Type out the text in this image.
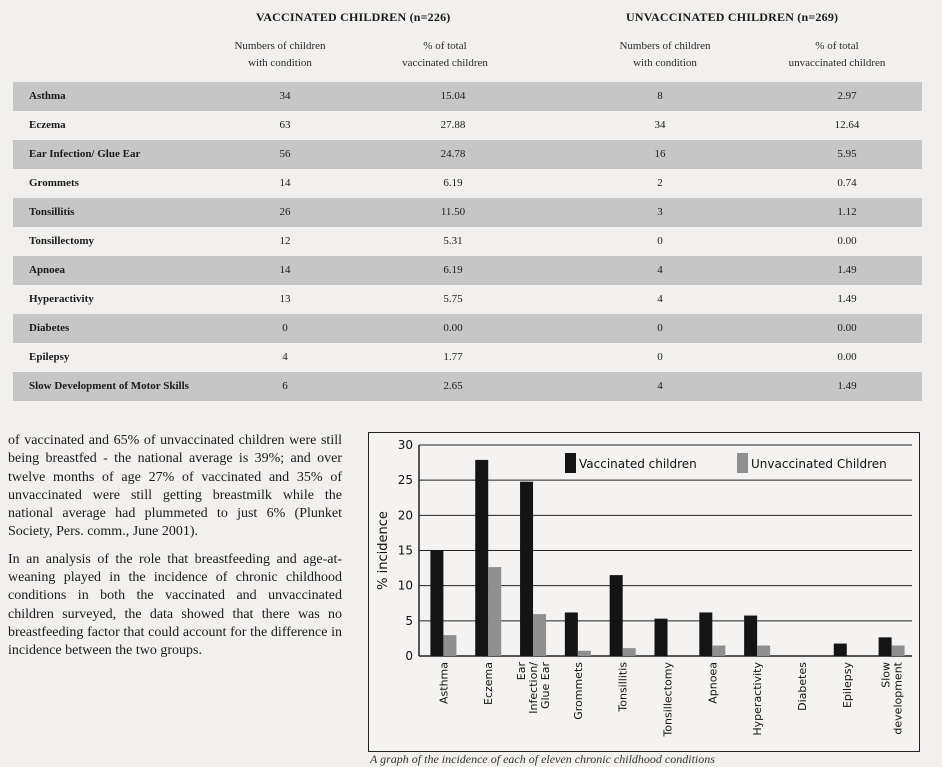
VACCINATED CHILDREN (n=226)	UNVACCINATED CHILDREN (n=269)
Numbers of children
with condition
% of total
vaccinated children
Numbers of children
with condition
% of total
unvaccinated children
Asthma	34	15.04	8	2.97
Eczema	63	27.88	34	12.64
Ear Infection/ Glue Ear	56	24.78	16	5.95
Grommets	14	6.19	2	0.74
Tonsillitis	26	11.50	3	1.12
Tonsillectomy	12	5.31	0	0.00
Apnoea	14	6.19	4	1.49
Hyperactivity	13	5.75	4	1.49
Diabetes	0	0.00	0	0.00
Epilepsy	4	1.77	0	0.00
Slow Development of Motor Skills	6	2.65	4	1.49

of vaccinated and 65% of unvaccinated children were still being breastfed - the national average is 39%; and over twelve months of age 27% of vaccinated and 35% of unvaccinated were still getting breastmilk while the national average had plummeted to just 6% (Plunket Society, Pers. comm., June 2001).

In an analysis of the role that breastfeeding and age-at-weaning played in the incidence of chronic childhood conditions in both the vaccinated and unvaccinated children surveyed, the data showed that there was no breastfeeding factor that could account for the difference in incidence between the two groups.	0
5
10
15
20
25
30
% incidence
Asthma	Eczema EarInfection/Glue Ear Grommets	Tonsillitis	Tonsillectomy	Apnoea	Hyperactivity	Diabetes	Epilepsy Slowdevelopment
Vaccinated children	Unvaccinated Children
A graph of the incidence of each of eleven chronic childhood conditions
